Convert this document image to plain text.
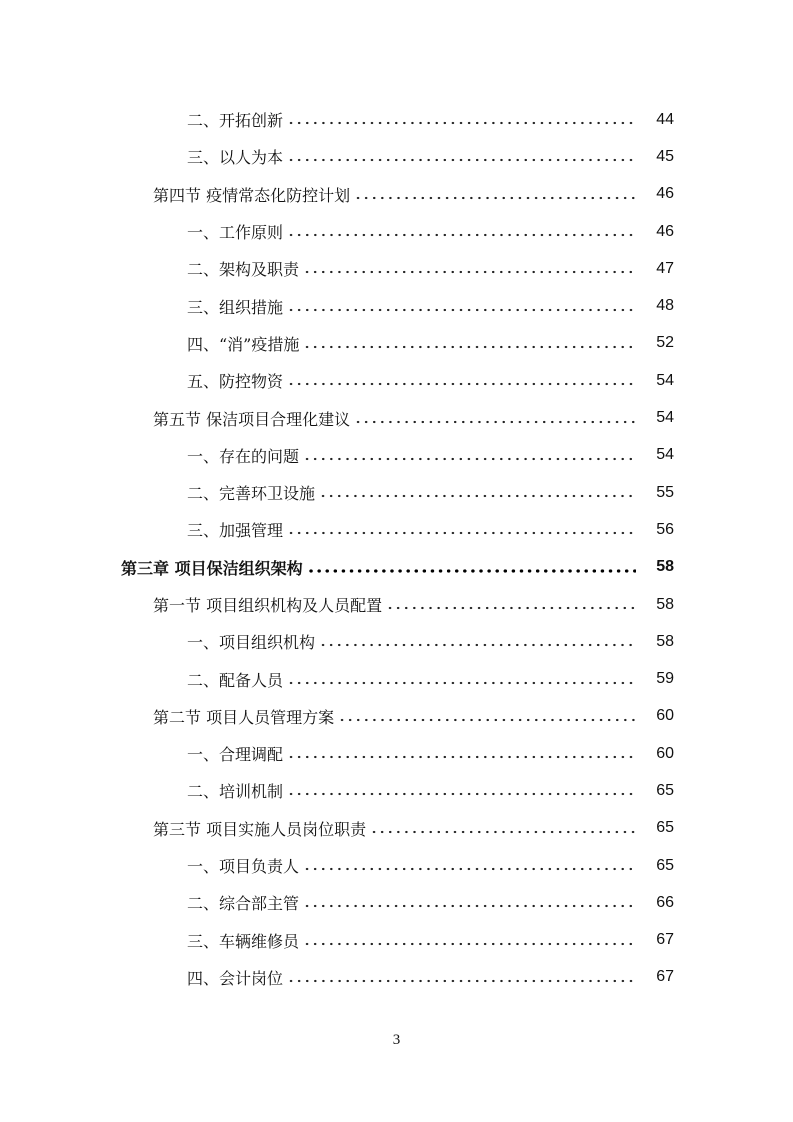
二、开拓创新	44
三、以人为本	45
第四节 疫情常态化防控计划	46
一、工作原则	46
二、架构及职责	47
三、组织措施	48
四、“消”疫措施	52
五、防控物资	54
第五节 保洁项目合理化建议	54
一、存在的问题	54
二、完善环卫设施	55
三、加强管理	56
第三章 项目保洁组织架构	58
第一节 项目组织机构及人员配置	58
一、项目组织机构	58
二、配备人员	59
第二节 项目人员管理方案	60
一、合理调配	60
二、培训机制	65
第三节 项目实施人员岗位职责	65
一、项目负责人	65
二、综合部主管	66
三、车辆维修员	67
四、会计岗位	67
3
